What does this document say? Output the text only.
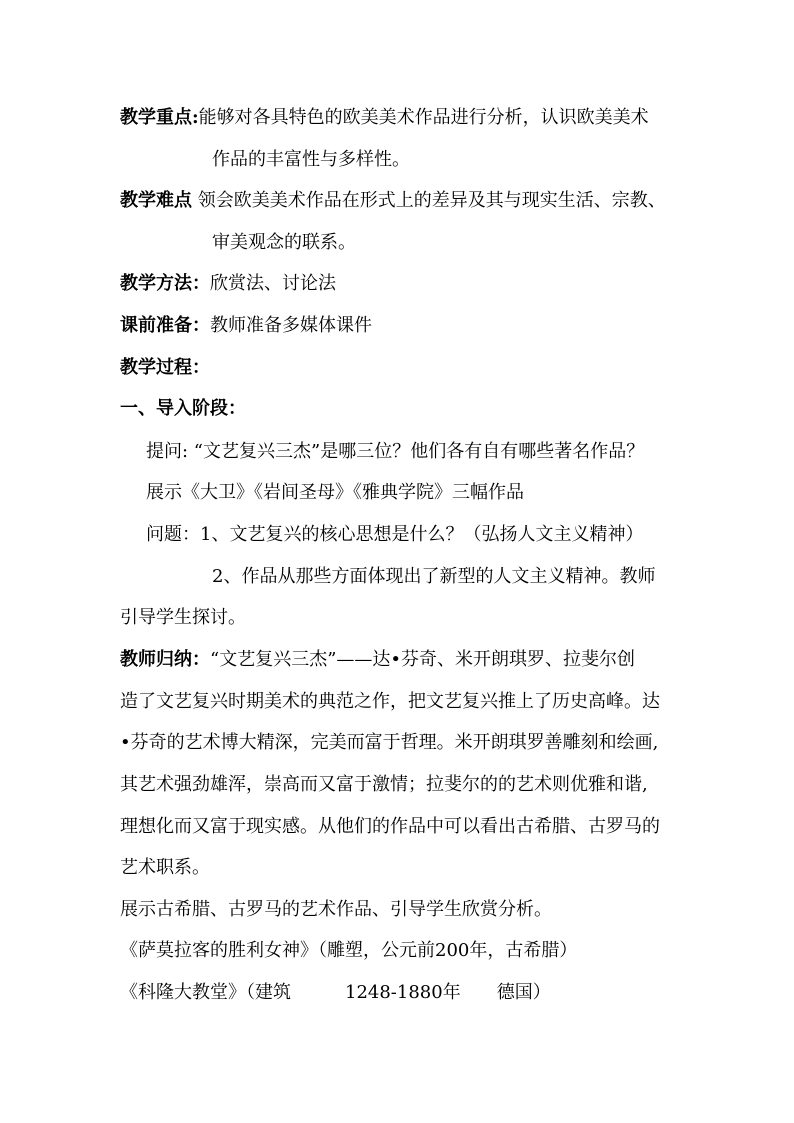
教学重点:能够对各具特色的欧美美术作品进行分析，认识欧美美术
作品的丰富性与多样性。
教学难点 领会欧美美术作品在形式上的差异及其与现实生活、宗教、
审美观念的联系。
教学方法：欣赏法、讨论法
课前准备：教师准备多媒体课件
教学过程：
一、导入阶段：
提问: “文艺复兴三杰”是哪三位？他们各有自有哪些著名作品？
展示《大卫》《岩间圣母》《雅典学院》三幅作品
问题：1、文艺复兴的核心思想是什么？（弘扬人文主义精神）
2、作品从那些方面体现出了新型的人文主义精神。教师
引导学生探讨。
教师归纳：“文艺复兴三杰”——达•芬奇、米开朗琪罗、拉斐尔创
造了文艺复兴时期美术的典范之作，把文艺复兴推上了历史高峰。达
•芬奇的艺术博大精深，完美而富于哲理。米开朗琪罗善雕刻和绘画,
其艺术强劲雄浑，崇高而又富于激情；拉斐尔的的艺术则优雅和谐,
理想化而又富于现实感。从他们的作品中可以看出古希腊、古罗马的
艺术职系。
展示古希腊、古罗马的艺术作品、引导学生欣赏分析。
《萨莫拉客的胜利女神》（雕塑，公元前200年，古希腊）
《科隆大教堂》（建筑	1248-1880年 德国）
